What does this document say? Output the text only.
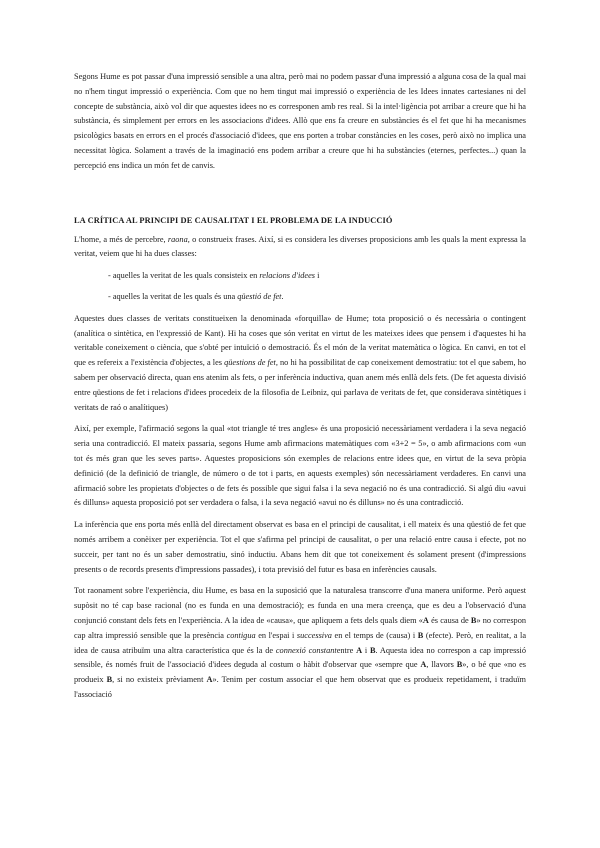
Segons Hume es pot passar d'una impressió sensible a una altra, però mai no podem passar d'una impressió a alguna cosa de la qual mai no n'hem tingut impressió o experiència. Com que no hem tingut mai impressió o experiència de les Idees innates cartesianes ni del concepte de substància, això vol dir que aquestes idees no es corresponen amb res real. Si la intel·ligència pot arribar a creure que hi ha substància, és simplement per errors en les associacions d'idees. Allò que ens fa creure en substàncies és el fet que hi ha mecanismes psicològics basats en errors en el procés d'associació d'idees, que ens porten a trobar constàncies en les coses, però això no implica una necessitat lògica. Solament a través de la imaginació ens podem arribar a creure que hi ha substàncies (eternes, perfectes...) quan la percepció ens indica un món fet de canvis.

LA CRÍTICA AL PRINCIPI DE CAUSALITAT I EL PROBLEMA DE LA INDUCCIÓ

L'home, a més de percebre, raona, o construeix frases. Així, si es considera les diverses proposicions amb les quals la ment expressa la veritat, veiem que hi ha dues classes:

- aquelles la veritat de les quals consisteix en relacions d'idees i
- aquelles la veritat de les quals és una qüestió de fet.

Aquestes dues classes de veritats constitueixen la denominada «forquilla» de Hume; tota proposició o és necessària o contingent (analítica o sintètica, en l'expressió de Kant). Hi ha coses que són veritat en virtut de les mateixes idees que pensem i d'aquestes hi ha veritable coneixement o ciència, que s'obté per intuïció o demostració. És el món de la veritat matemàtica o lògica. En canvi, en tot el que es refereix a l'existència d'objectes, a les qüestions de fet, no hi ha possibilitat de cap coneixement demostratiu: tot el que sabem, ho sabem per observació directa, quan ens atenim als fets, o per inferència inductiva, quan anem més enllà dels fets. (De fet aquesta divisió entre qüestions de fet i relacions d'idees procedeix de la filosofia de Leibniz, qui parlava de veritats de fet, que considerava sintètiques i veritats de raó o analítiques)

Així, per exemple, l'afirmació segons la qual «tot triangle té tres angles» és una proposició necessàriament verdadera i la seva negació seria una contradicció. El mateix passaria, segons Hume amb afirmacions matemàtiques com «3+2 = 5», o amb afirmacions com «un tot és més gran que les seves parts». Aquestes proposicions són exemples de relacions entre idees que, en virtut de la seva pròpia definició (de la definició de triangle, de número o de tot i parts, en aquests exemples) són necessàriament verdaderes. En canvi una afirmació sobre les propietats d'objectes o de fets és possible que sigui falsa i la seva negació no és una contradicció. Si algú diu «avui és dilluns» aquesta proposició pot ser verdadera o falsa, i la seva negació «avui no és dilluns» no és una contradicció.

La inferència que ens porta més enllà del directament observat es basa en el principi de causalitat, i ell mateix és una qüestió de fet que només arribem a conèixer per experiència. Tot el que s'afirma pel principi de causalitat, o per una relació entre causa i efecte, pot no succeir, per tant no és un saber demostratiu, sinó inductiu. Abans hem dit que tot coneixement és solament present (d'impressions presents o de records presents d'impressions passades), i tota previsió del futur es basa en inferències causals.

Tot raonament sobre l'experiència, diu Hume, es basa en la suposició que la naturalesa transcorre d'una manera uniforme. Però aquest supòsit no té cap base racional (no es funda en una demostració); es funda en una mera creença, que es deu a l'observació d'una conjunció constant dels fets en l'experiència. A la idea de «causa», que apliquem a fets dels quals diem «A és causa de B» no correspon cap altra impressió sensible que la presència contigua en l'espai i successiva en el temps de (causa) i B (efecte). Però, en realitat, a la idea de causa atribuïm una altra característica que és la de connexió constantentre A i B. Aquesta idea no correspon a cap impressió sensible, és només fruit de l'associació d'idees deguda al costum o hàbit d'observar que «sempre que A, llavors B», o bé que «no es produeix B, si no existeix prèviament A». Tenim per costum associar el que hem observat que es produeix repetidament, i traduïm l'associació
